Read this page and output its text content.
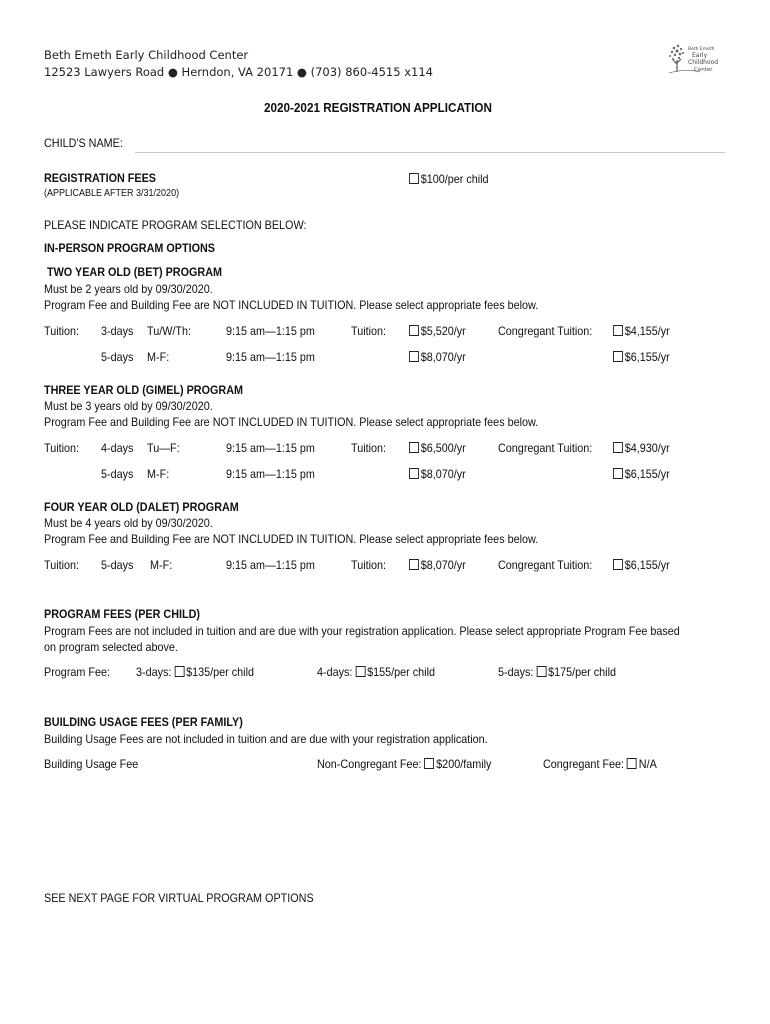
Beth Emeth Early Childhood Center
12523 Lawyers Road ● Herndon, VA 20171 ● (703) 860-4515 x114
Beth Emeth
Early
Childhood
Center
2020-2021 REGISTRATION APPLICATION
CHILD'S NAME:
REGISTRATION FEES
(APPLICABLE AFTER 3/31/2020)
$100/per child
PLEASE INDICATE PROGRAM SELECTION BELOW:
IN-PERSON PROGRAM OPTIONS
TWO YEAR OLD (BET) PROGRAM
Must be 2 years old by 09/30/2020.
Program Fee and Building Fee are NOT INCLUDED IN TUITION. Please select appropriate fees below.
Tuition: 3-days Tu/W/Th:	9:15 am—1:15 pm	Tuition:	$5,520/yr	Congregant Tuition:	$4,155/yr
5-days M-F:	9:15 am—1:15 pm	$8,070/yr	$6,155/yr
THREE YEAR OLD (GIMEL) PROGRAM
Must be 3 years old by 09/30/2020.
Program Fee and Building Fee are NOT INCLUDED IN TUITION. Please select appropriate fees below.
Tuition: 4-days Tu—F:	9:15 am—1:15 pm	Tuition:	$6,500/yr	Congregant Tuition:	$4,930/yr
5-days M-F:	9:15 am—1:15 pm	$8,070/yr	$6,155/yr
FOUR YEAR OLD (DALET) PROGRAM
Must be 4 years old by 09/30/2020.
Program Fee and Building Fee are NOT INCLUDED IN TUITION. Please select appropriate fees below.
Tuition: 5-days M-F:	9:15 am—1:15 pm	Tuition:	$8,070/yr	Congregant Tuition:	$6,155/yr
PROGRAM FEES (PER CHILD)
Program Fees are not included in tuition and are due with your registration application. Please select appropriate Program Fee based
on program selected above.
Program Fee: 3-days: $135/per child	4-days: $155/per child	5-days: $175/per child
BUILDING USAGE FEES (PER FAMILY)
Building Usage Fees are not included in tuition and are due with your registration application.
Building Usage Fee	Non-Congregant Fee: $200/family	Congregant Fee: N/A
SEE NEXT PAGE FOR VIRTUAL PROGRAM OPTIONS
